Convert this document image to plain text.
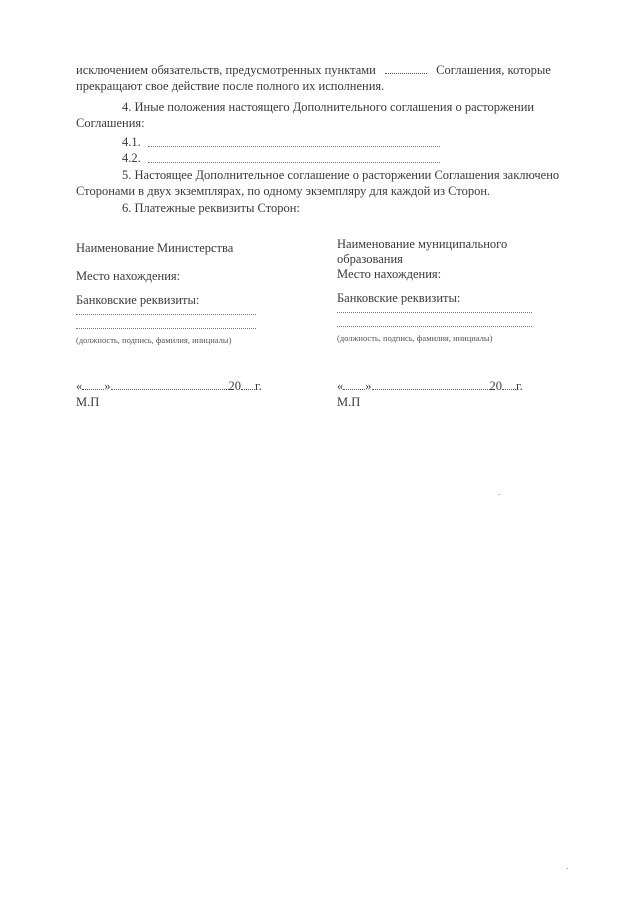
исключением обязательств, предусмотренных пунктами	Соглашения, которые
прекращают свое действие после полного их исполнения.
4. Иные положения настоящего Дополнительного соглашения о расторжении
Соглашения:
4.1.
4.2.
5. Настоящее Дополнительное соглашение о расторжении Соглашения заключено
Сторонами в двух экземплярах, по одному экземпляру для каждой из Сторон.
6. Платежные реквизиты Сторон:
Наименование Министерства
Место нахождения:
Банковские реквизиты:
(должность, подпись, фамилия, инициалы)
« »	20 г.
М.П
Наименование муниципального
образования
Место нахождения:
Банковские реквизиты:
(должность, подпись, фамилия, инициалы)
« »	20 г.
М.П
